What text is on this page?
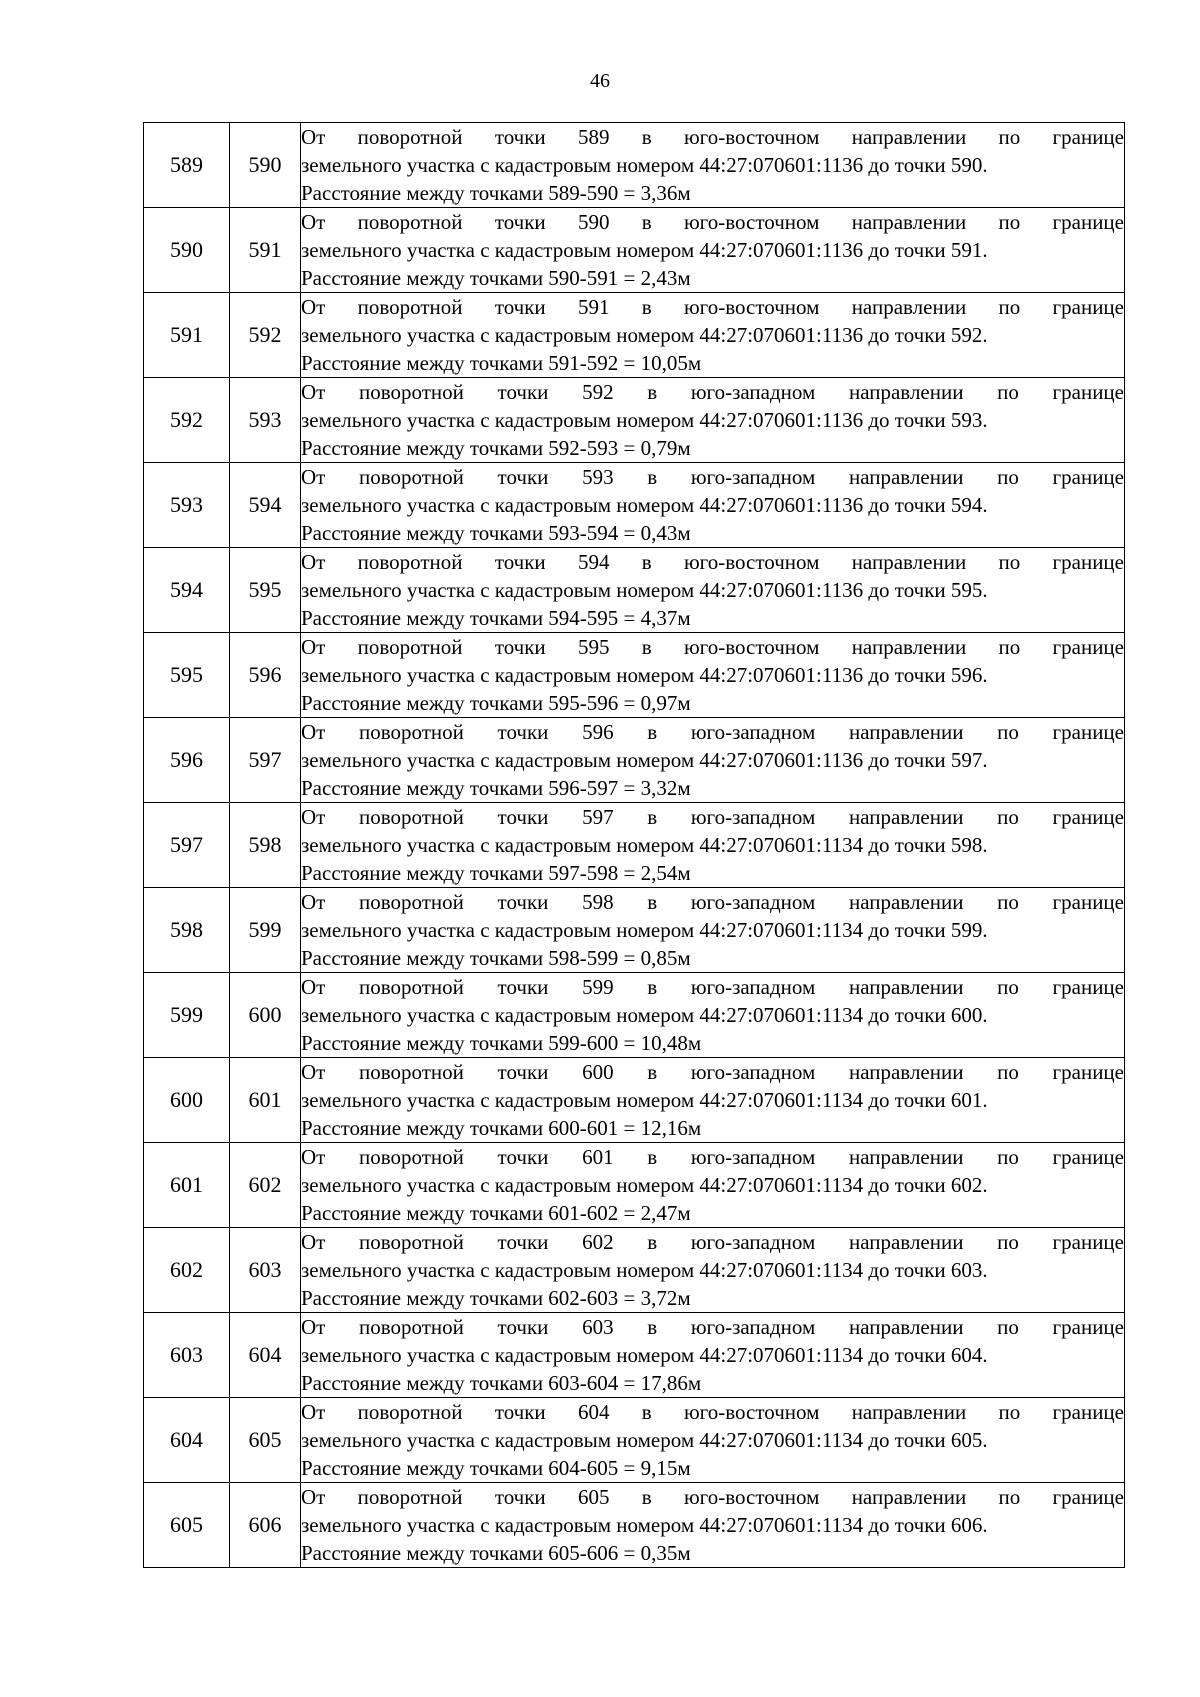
46
589	590	От поворотной точки 589 в юго-восточном направлении по границе
земельного участка с кадастровым номером 44:27:070601:1136 до точки 590.
Расстояние между точками 589-590 = 3,36м

590	591	От поворотной точки 590 в юго-восточном направлении по границе
земельного участка с кадастровым номером 44:27:070601:1136 до точки 591.
Расстояние между точками 590-591 = 2,43м

591	592	От поворотной точки 591 в юго-восточном направлении по границе
земельного участка с кадастровым номером 44:27:070601:1136 до точки 592.
Расстояние между точками 591-592 = 10,05м

592	593	От поворотной точки 592 в юго-западном направлении по границе
земельного участка с кадастровым номером 44:27:070601:1136 до точки 593.
Расстояние между точками 592-593 = 0,79м

593	594	От поворотной точки 593 в юго-западном направлении по границе
земельного участка с кадастровым номером 44:27:070601:1136 до точки 594.
Расстояние между точками 593-594 = 0,43м

594	595	От поворотной точки 594 в юго-восточном направлении по границе
земельного участка с кадастровым номером 44:27:070601:1136 до точки 595.
Расстояние между точками 594-595 = 4,37м

595	596	От поворотной точки 595 в юго-восточном направлении по границе
земельного участка с кадастровым номером 44:27:070601:1136 до точки 596.
Расстояние между точками 595-596 = 0,97м

596	597	От поворотной точки 596 в юго-западном направлении по границе
земельного участка с кадастровым номером 44:27:070601:1136 до точки 597.
Расстояние между точками 596-597 = 3,32м

597	598	От поворотной точки 597 в юго-западном направлении по границе
земельного участка с кадастровым номером 44:27:070601:1134 до точки 598.
Расстояние между точками 597-598 = 2,54м

598	599	От поворотной точки 598 в юго-западном направлении по границе
земельного участка с кадастровым номером 44:27:070601:1134 до точки 599.
Расстояние между точками 598-599 = 0,85м

599	600	От поворотной точки 599 в юго-западном направлении по границе
земельного участка с кадастровым номером 44:27:070601:1134 до точки 600.
Расстояние между точками 599-600 = 10,48м

600	601	От поворотной точки 600 в юго-западном направлении по границе
земельного участка с кадастровым номером 44:27:070601:1134 до точки 601.
Расстояние между точками 600-601 = 12,16м

601	602	От поворотной точки 601 в юго-западном направлении по границе
земельного участка с кадастровым номером 44:27:070601:1134 до точки 602.
Расстояние между точками 601-602 = 2,47м

602	603	От поворотной точки 602 в юго-западном направлении по границе
земельного участка с кадастровым номером 44:27:070601:1134 до точки 603.
Расстояние между точками 602-603 = 3,72м

603	604	От поворотной точки 603 в юго-западном направлении по границе
земельного участка с кадастровым номером 44:27:070601:1134 до точки 604.
Расстояние между точками 603-604 = 17,86м

604	605	От поворотной точки 604 в юго-восточном направлении по границе
земельного участка с кадастровым номером 44:27:070601:1134 до точки 605.
Расстояние между точками 604-605 = 9,15м

605	606	От поворотной точки 605 в юго-восточном направлении по границе
земельного участка с кадастровым номером 44:27:070601:1134 до точки 606.
Расстояние между точками 605-606 = 0,35м
